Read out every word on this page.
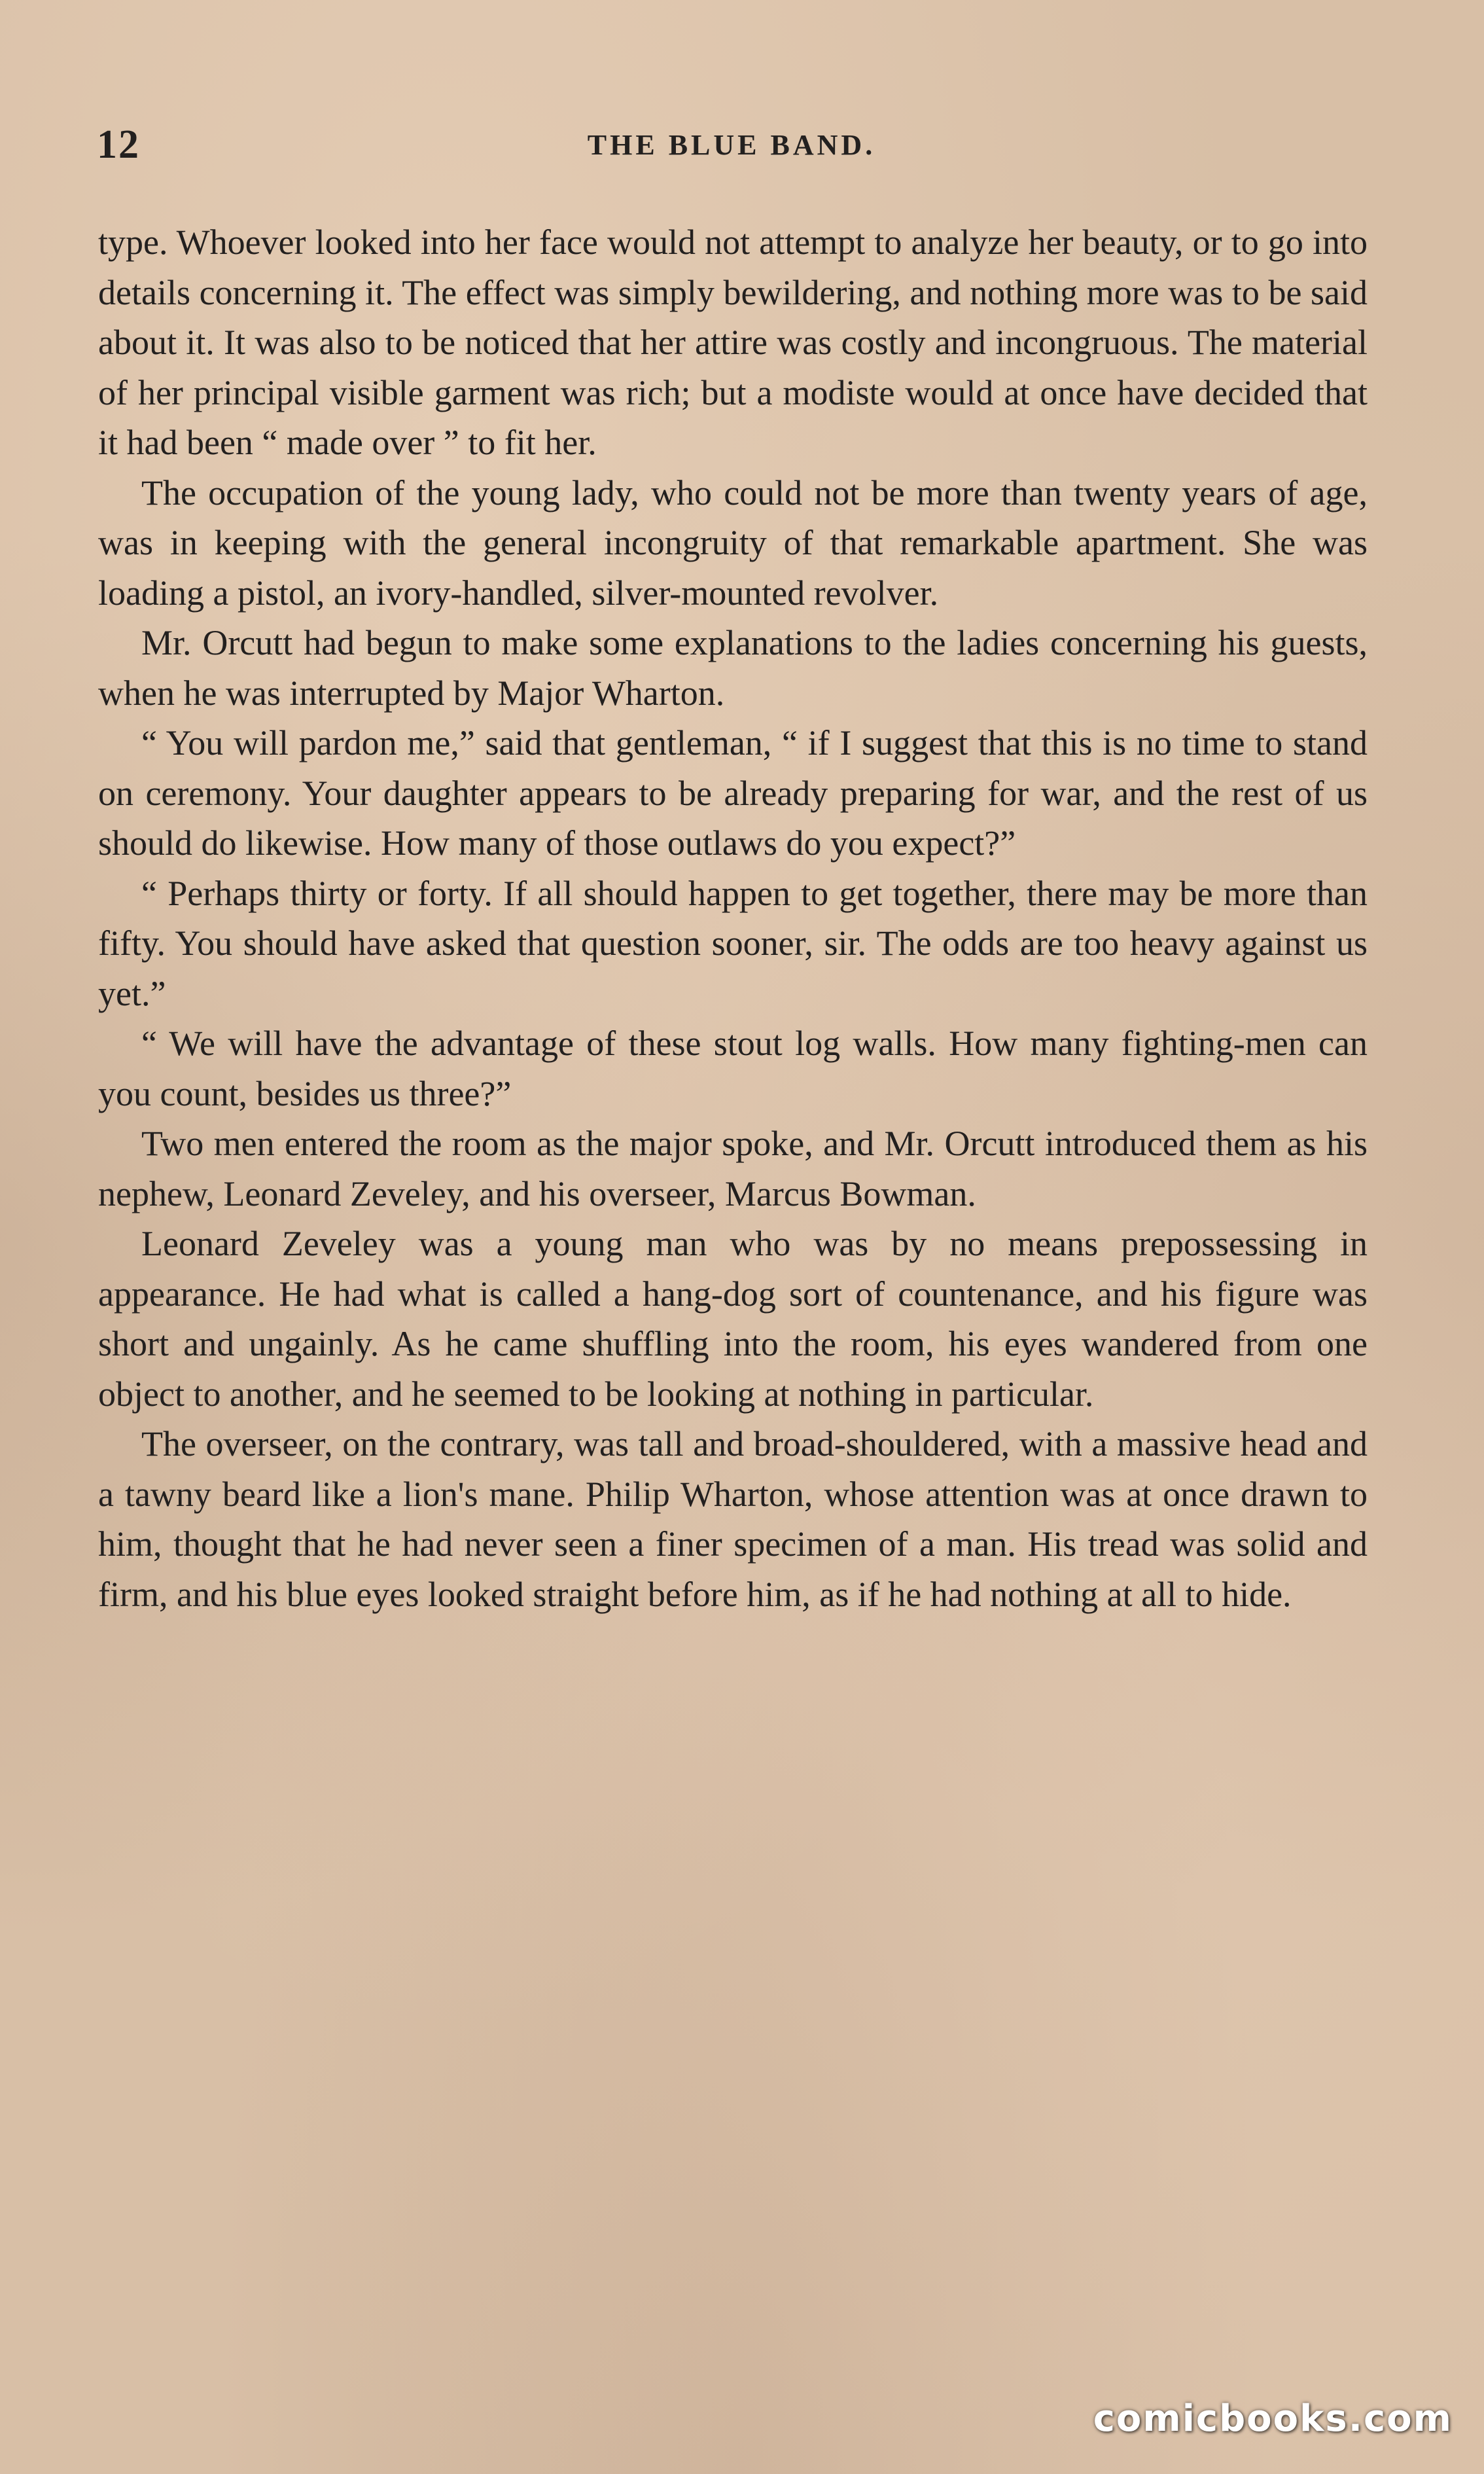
12	THE BLUE BAND.

type. Whoever looked into her face would not attempt to analyze her beauty, or to go into details concerning it. The effect was simply bewildering, and nothing more was to be said about it. It was also to be noticed that her attire was costly and incongruous. The material of her principal visible garment was rich; but a modiste would at once have decided that it had been “ made over ” to fit her.

The occupation of the young lady, who could not be more than twenty years of age, was in keeping with the general incongruity of that remarkable apartment. She was loading a pistol, an ivory-handled, silver-mounted revolver.

Mr. Orcutt had begun to make some explanations to the ladies concerning his guests, when he was interrupted by Major Wharton.

“ You will pardon me,” said that gentleman, “ if I suggest that this is no time to stand on ceremony. Your daughter appears to be already preparing for war, and the rest of us should do likewise. How many of those outlaws do you expect?”

“ Perhaps thirty or forty. If all should happen to get together, there may be more than fifty. You should have asked that question sooner, sir. The odds are too heavy against us yet.”

“ We will have the advantage of these stout log walls. How many fighting-men can you count, besides us three?”

Two men entered the room as the major spoke, and Mr. Orcutt introduced them as his nephew, Leonard Zeveley, and his overseer, Marcus Bowman.

Leonard Zeveley was a young man who was by no means prepossessing in appearance. He had what is called a hang-dog sort of countenance, and his figure was short and ungainly. As he came shuffling into the room, his eyes wandered from one object to another, and he seemed to be looking at nothing in particular.

The overseer, on the contrary, was tall and broad-shouldered, with a massive head and a tawny beard like a lion's mane. Philip Wharton, whose attention was at once drawn to him, thought that he had never seen a finer specimen of a man. His tread was solid and firm, and his blue eyes looked straight before him, as if he had nothing at all to hide.

comicbooks.com
